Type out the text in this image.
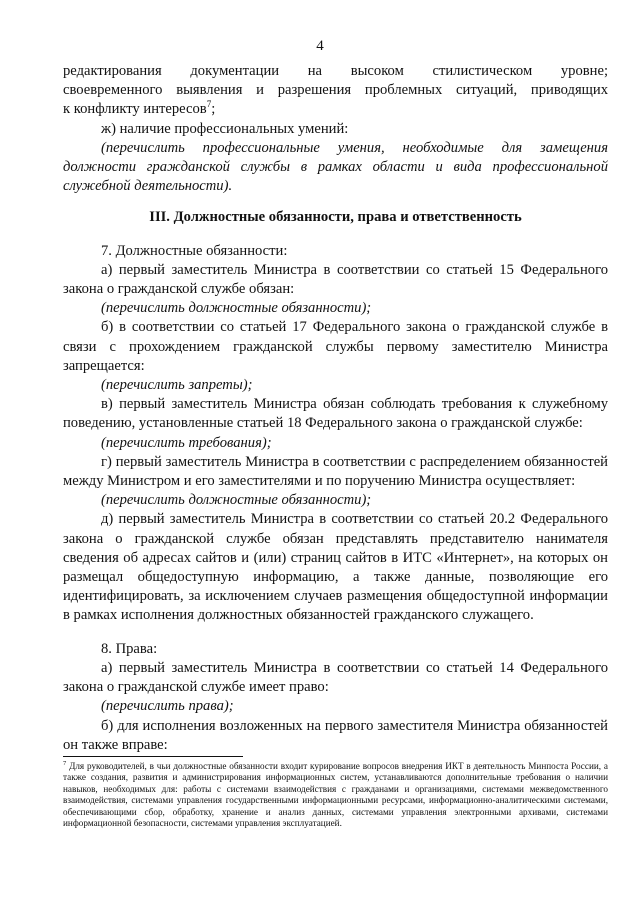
4

редактирования документации на высоком стилистическом уровне;

своевременного выявления и разрешения проблемных ситуаций, приводящих

к конфликту интересов$^7$;

ж) наличие профессиональных умений:

(перечислить профессиональные умения, необходимые для замещения должности гражданской службы в рамках области и вида профессиональной служебной деятельности).

III. Должностные обязанности, права и ответственность

7. Должностные обязанности:

а) первый заместитель Министра в соответствии со статьей 15 Федерального закона о гражданской службе обязан:

(перечислить должностные обязанности);

б) в соответствии со статьей 17 Федерального закона о гражданской службе в связи с прохождением гражданской службы первому заместителю Министра запрещается:

(перечислить запреты);

в) первый заместитель Министра обязан соблюдать требования к служебному поведению, установленные статьей 18 Федерального закона о гражданской службе:

(перечислить требования);

г) первый заместитель Министра в соответствии с распределением обязанностей между Министром и его заместителями и по поручению Министра осуществляет:

(перечислить должностные обязанности);

д) первый заместитель Министра в соответствии со статьей 20.2 Федерального закона о гражданской службе обязан представлять представителю нанимателя сведения об адресах сайтов и (или) страниц сайтов в ИТС «Интернет», на которых он размещал общедоступную информацию, а также данные, позволяющие его идентифицировать, за исключением случаев размещения общедоступной информации в рамках исполнения должностных обязанностей гражданского служащего.

8. Права:

а) первый заместитель Министра в соответствии со статьей 14 Федерального закона о гражданской службе имеет право:

(перечислить права);

б) для исполнения возложенных на первого заместителя Министра обязанностей он также вправе:

$^7$ Для руководителей, в чьи должностные обязанности входит курирование вопросов внедрения ИКТ в деятельность Минпоста России, а также создания, развития и администрирования информационных систем, устанавливаются дополнительные требования о наличии навыков, необходимых для: работы с системами взаимодействия с гражданами и организациями, системами межведомственного взаимодействия, системами управления государственными информационными ресурсами, информационно-аналитическими системами, обеспечивающими сбор, обработку, хранение и анализ данных, системами управления электронными архивами, системами информационной безопасности, системами управления эксплуатацией.
